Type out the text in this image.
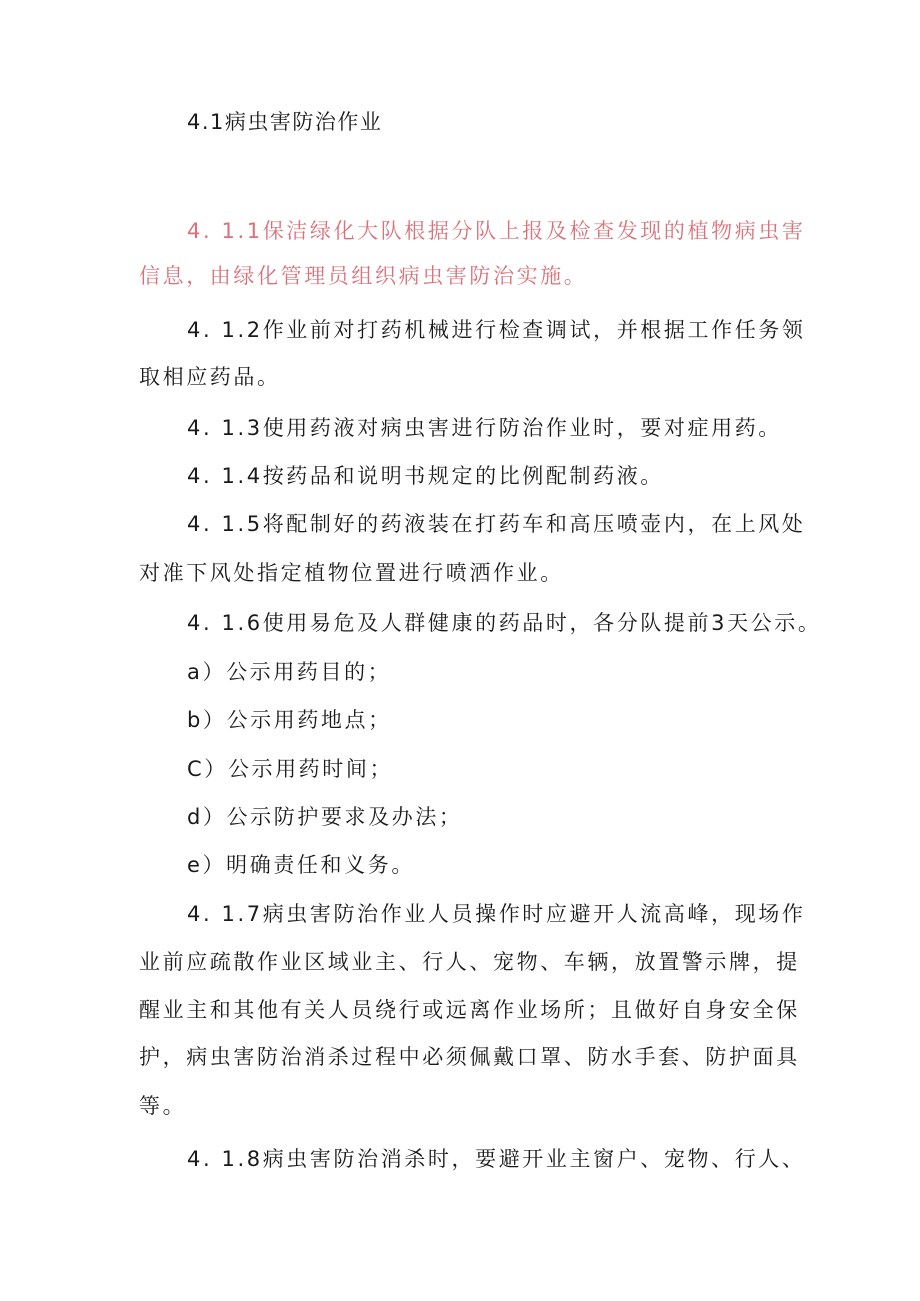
4.1病虫害防治作业
4. 1.1保洁绿化大队根据分队上报及检查发现的植物病虫害
信息，由绿化管理员组织病虫害防治实施。
4. 1.2作业前对打药机械进行检查调试，并根据工作任务领
取相应药品。
4. 1.3使用药液对病虫害进行防治作业时，要对症用药。
4. 1.4按药品和说明书规定的比例配制药液。
4. 1.5将配制好的药液装在打药车和高压喷壶内，在上风处
对准下风处指定植物位置进行喷洒作业。
4. 1.6使用易危及人群健康的药品时，各分队提前3天公示。
a）公示用药目的；
b）公示用药地点；
C）公示用药时间；
d）公示防护要求及办法；
e）明确责任和义务。
4. 1.7病虫害防治作业人员操作时应避开人流高峰，现场作
业前应疏散作业区域业主、行人、宠物、车辆，放置警示牌，提
醒业主和其他有关人员绕行或远离作业场所；且做好自身安全保
护，病虫害防治消杀过程中必须佩戴口罩、防水手套、防护面具
等。
4. 1.8病虫害防治消杀时，要避开业主窗户、宠物、行人、
